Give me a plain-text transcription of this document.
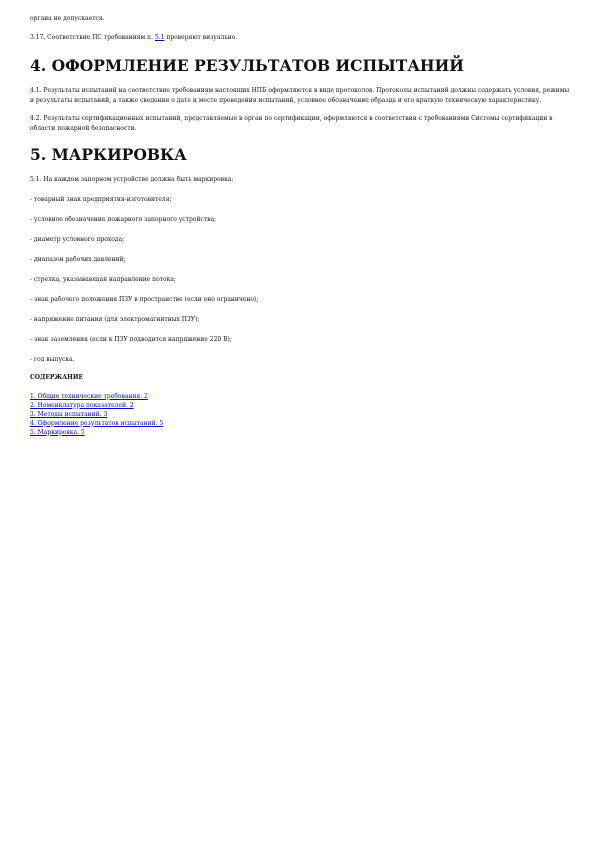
органа не допускается.

3.17. Соответствие ПС требованиям п. 5.1 проверяют визуально.

4. ОФОРМЛЕНИЕ РЕЗУЛЬТАТОВ ИСПЫТАНИЙ

4.1. Результаты испытаний на соответствие требованиям настоящих НПБ оформляются в виде протоколов. Протоколы испытаний должны содержать условия, режимы и результаты испытаний, а также сведения о дате и месте проведения испытаний, условное обозначение образца и его краткую техническую характеристику.

4.2. Результаты сертификационных испытаний, представляемые в орган по сертификации, оформляются в соответствии с требованиями Системы сертификации в области пожарной безопасности.

5. МАРКИРОВКА

5.1. На каждом запорном устройстве должна быть маркировка:

- товарный знак предприятия-изготовителя;

- условное обозначение пожарного запорного устройства;

- диаметр условного прохода;

- диапазон рабочих давлений;

- стрелка, указывающая направление потока;

- знак рабочего положения ПЗУ в пространстве (если оно ограничено);

- напряжение питания (для электромагнитных ПЗУ);

- знак заземления (если к ПЗУ подводится напряжение 220 В);

- год выпуска.

СОДЕРЖАНИЕ

1. Общие технические требования. 2
2. Номенклатура показателей. 2
3. Методы испытаний. 3
4. Оформление результатов испытаний. 5
5. Маркировка. 5
